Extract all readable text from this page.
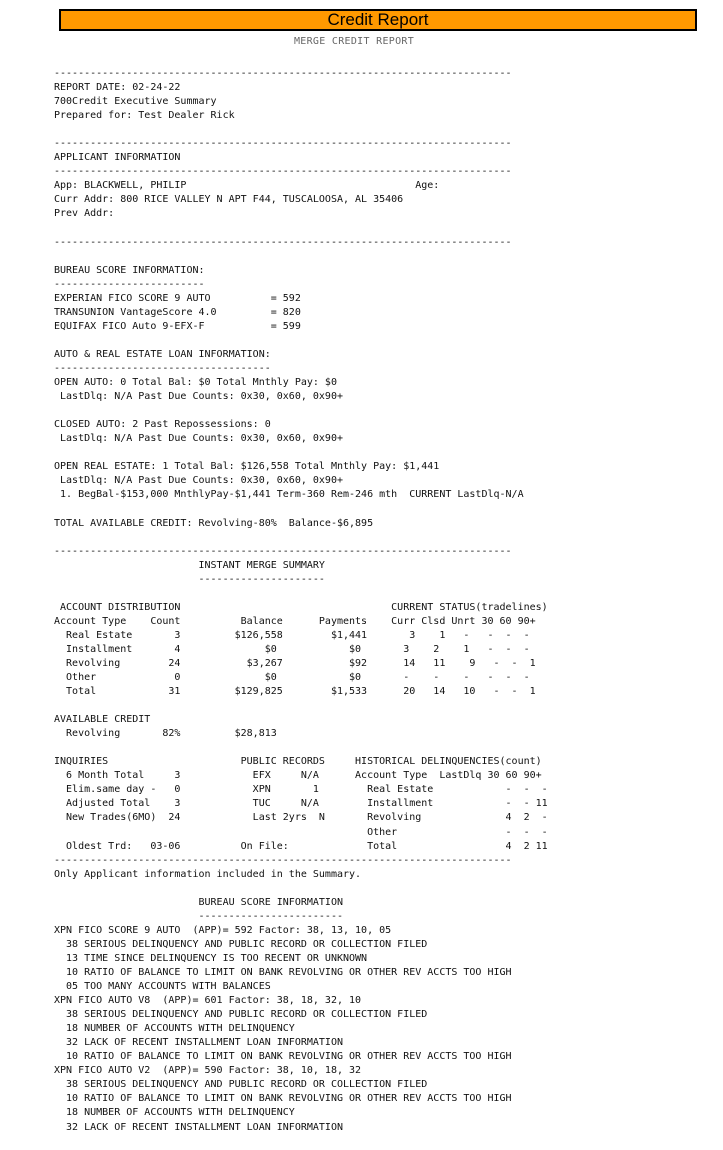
Credit Report
MERGE CREDIT REPORT
----------------------------------------------------------------------------
REPORT DATE: 02-24-22
700Credit Executive Summary
Prepared for: Test Dealer Rick
----------------------------------------------------------------------------
APPLICANT INFORMATION
----------------------------------------------------------------------------
App: BLACKWELL, PHILIP                                      Age:
Curr Addr: 800 RICE VALLEY N APT F44, TUSCALOOSA, AL 35406
Prev Addr:
----------------------------------------------------------------------------
BUREAU SCORE INFORMATION:
-------------------------
EXPERIAN FICO SCORE 9 AUTO          = 592
TRANSUNION VantageScore 4.0         = 820
EQUIFAX FICO Auto 9-EFX-F           = 599
AUTO & REAL ESTATE LOAN INFORMATION:
------------------------------------
OPEN AUTO: 0 Total Bal: $0 Total Mnthly Pay: $0
LastDlq: N/A Past Due Counts: 0x30, 0x60, 0x90+
CLOSED AUTO: 2 Past Repossessions: 0
LastDlq: N/A Past Due Counts: 0x30, 0x60, 0x90+
OPEN REAL ESTATE: 1 Total Bal: $126,558 Total Mnthly Pay: $1,441
LastDlq: N/A Past Due Counts: 0x30, 0x60, 0x90+
1. BegBal-$153,000 MnthlyPay-$1,441 Term-360 Rem-246 mth  CURRENT LastDlq-N/A
TOTAL AVAILABLE CREDIT: Revolving-80%  Balance-$6,895
----------------------------------------------------------------------------
INSTANT MERGE SUMMARY
---------------------
ACCOUNT DISTRIBUTION                                   CURRENT STATUS(tradelines)
Account Type    Count          Balance      Payments    Curr Clsd Unrt 30 60 90+
Real Estate       3         $126,558        $1,441       3    1   -   -  -  -
Installment       4              $0            $0       3    2    1   -  -  -
Revolving        24           $3,267           $92      14   11    9   -  -  1
Other             0              $0            $0       -    -    -   -  -  -
Total            31         $129,825        $1,533      20   14   10   -  -  1
AVAILABLE CREDIT
Revolving       82%         $28,813
INQUIRIES                      PUBLIC RECORDS     HISTORICAL DELINQUENCIES(count)
6 Month Total     3            EFX     N/A      Account Type  LastDlq 30 60 90+
Elim.same day -   0            XPN       1        Real Estate            -  -  -
Adjusted Total    3            TUC     N/A        Installment            -  - 11
New Trades(6MO)  24            Last 2yrs  N       Revolving              4  2  -
Other                  -  -  -
Oldest Trd:   03-06          On File:             Total                  4  2 11
----------------------------------------------------------------------------
Only Applicant information included in the Summary.
BUREAU SCORE INFORMATION
------------------------
XPN FICO SCORE 9 AUTO  (APP)= 592 Factor: 38, 13, 10, 05
38 SERIOUS DELINQUENCY AND PUBLIC RECORD OR COLLECTION FILED
13 TIME SINCE DELINQUENCY IS TOO RECENT OR UNKNOWN
10 RATIO OF BALANCE TO LIMIT ON BANK REVOLVING OR OTHER REV ACCTS TOO HIGH
05 TOO MANY ACCOUNTS WITH BALANCES
XPN FICO AUTO V8  (APP)= 601 Factor: 38, 18, 32, 10
38 SERIOUS DELINQUENCY AND PUBLIC RECORD OR COLLECTION FILED
18 NUMBER OF ACCOUNTS WITH DELINQUENCY
32 LACK OF RECENT INSTALLMENT LOAN INFORMATION
10 RATIO OF BALANCE TO LIMIT ON BANK REVOLVING OR OTHER REV ACCTS TOO HIGH
XPN FICO AUTO V2  (APP)= 590 Factor: 38, 10, 18, 32
38 SERIOUS DELINQUENCY AND PUBLIC RECORD OR COLLECTION FILED
10 RATIO OF BALANCE TO LIMIT ON BANK REVOLVING OR OTHER REV ACCTS TOO HIGH
18 NUMBER OF ACCOUNTS WITH DELINQUENCY
32 LACK OF RECENT INSTALLMENT LOAN INFORMATION
